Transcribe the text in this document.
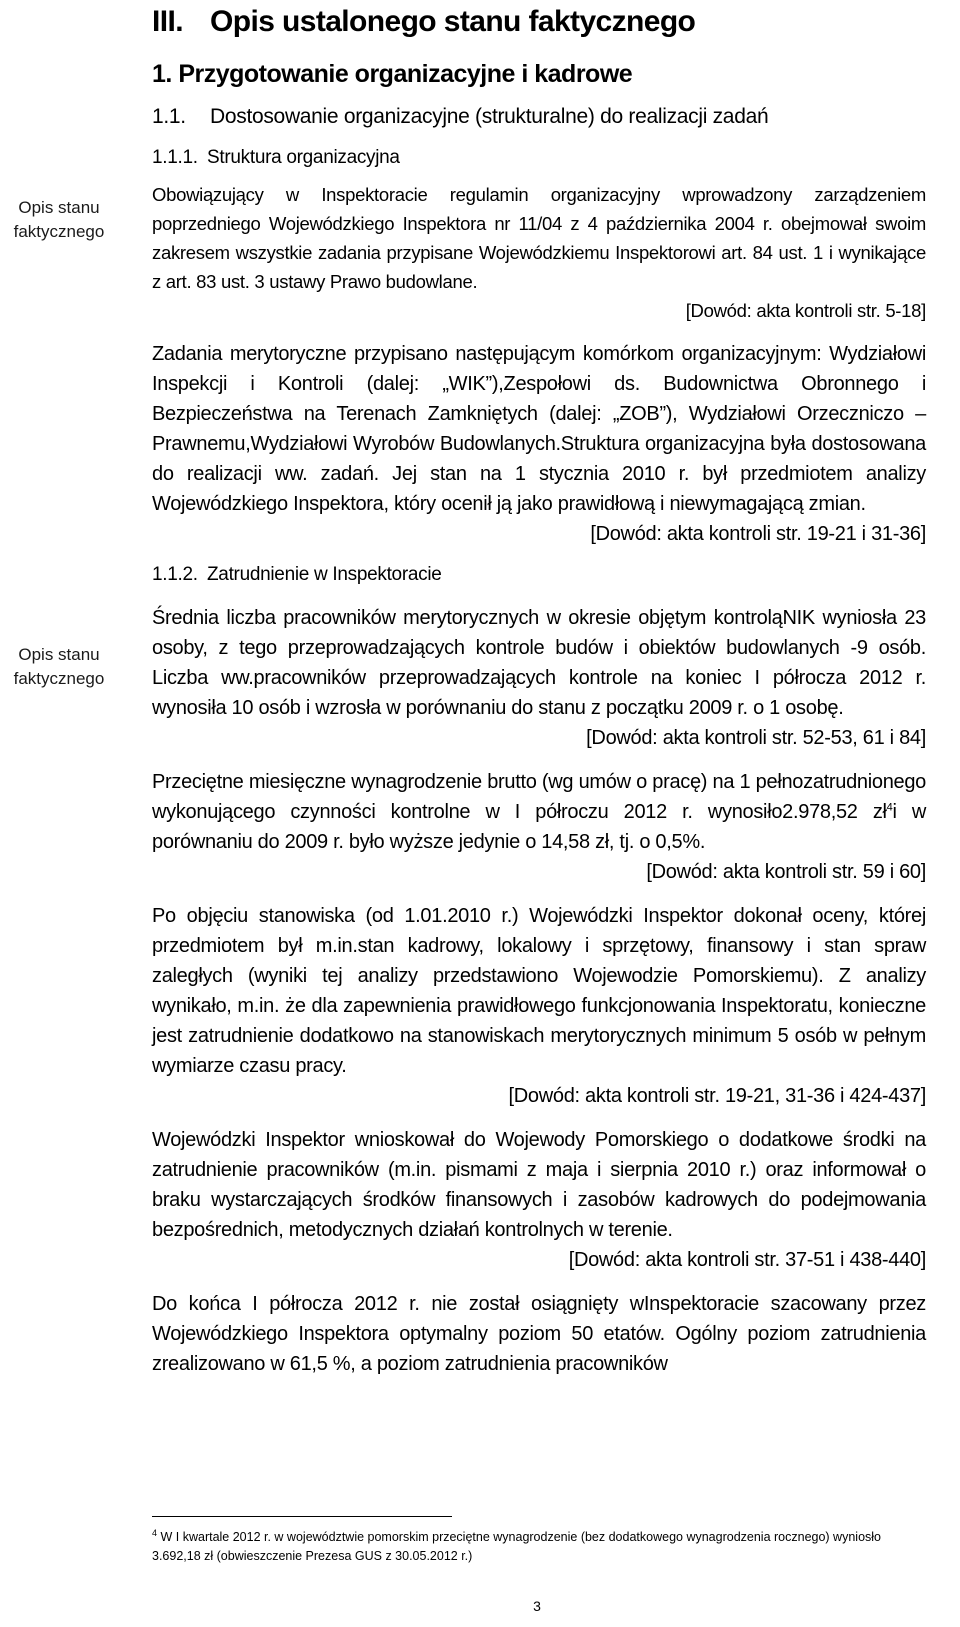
Opis stanu faktycznego
Opis stanu faktycznego
III. Opis ustalonego stanu faktycznego
1. Przygotowanie organizacyjne i kadrowe
1.1. Dostosowanie organizacyjne (strukturalne) do realizacji zadań
1.1.1. Struktura organizacyjna

Obowiązujący w Inspektoracie regulamin organizacyjny wprowadzony zarządzeniem poprzedniego Wojewódzkiego Inspektora nr 11/04 z 4 października 2004 r. obejmował swoim zakresem wszystkie zadania przypisane Wojewódzkiemu Inspektorowi art. 84 ust. 1 i wynikające z art. 83 ust. 3 ustawy Prawo budowlane.

[Dowód: akta kontroli str. 5-18]

Zadania merytoryczne przypisano następującym komórkom organizacyjnym: Wydziałowi Inspekcji i Kontroli (dalej: „WIK”),Zespołowi ds. Budownictwa Obronnego i Bezpieczeństwa na Terenach Zamkniętych (dalej: „ZOB”), Wydziałowi Orzeczniczo – Prawnemu,Wydziałowi Wyrobów Budowlanych.Struktura organizacyjna była dostosowana do realizacji ww. zadań. Jej stan na 1 stycznia 2010 r. był przedmiotem analizy Wojewódzkiego Inspektora, który ocenił ją jako prawidłową i niewymagającą zmian.

[Dowód: akta kontroli str. 19-21 i 31-36]

1.1.2. Zatrudnienie w Inspektoracie

Średnia liczba pracowników merytorycznych w okresie objętym kontroląNIK wyniosła 23 osoby, z tego przeprowadzających kontrole budów i obiektów budowlanych -9 osób. Liczba ww.pracowników przeprowadzających kontrole na koniec I półrocza 2012 r. wynosiła 10 osób i wzrosła w porównaniu do stanu z początku 2009 r. o 1 osobę.

[Dowód: akta kontroli str. 52-53, 61 i 84]

Przeciętne miesięczne wynagrodzenie brutto (wg umów o pracę) na 1 pełnozatrudnionego wykonującego czynności kontrolne w I półroczu 2012 r. wynosiło2.978,52 zł$^4$i w porównaniu do 2009 r. było wyższe jedynie o 14,58 zł, tj. o 0,5%.

[Dowód: akta kontroli str. 59 i 60]

Po objęciu stanowiska (od 1.01.2010 r.) Wojewódzki Inspektor dokonał oceny, której przedmiotem był m.in.stan kadrowy, lokalowy i sprzętowy, finansowy i stan spraw zaległych (wyniki tej analizy przedstawiono Wojewodzie Pomorskiemu). Z analizy wynikało, m.in. że dla zapewnienia prawidłowego funkcjonowania Inspektoratu, konieczne jest zatrudnienie dodatkowo na stanowiskach merytorycznych minimum 5 osób w pełnym wymiarze czasu pracy.

[Dowód: akta kontroli str. 19-21, 31-36 i 424-437]

Wojewódzki Inspektor wnioskował do Wojewody Pomorskiego o dodatkowe środki na zatrudnienie pracowników (m.in. pismami z maja i sierpnia 2010 r.) oraz informował o braku wystarczających środków finansowych i zasobów kadrowych do podejmowania bezpośrednich, metodycznych działań kontrolnych w terenie.

[Dowód: akta kontroli str. 37-51 i 438-440]

Do końca I półrocza 2012 r. nie został osiągnięty wInspektoracie szacowany przez Wojewódzkiego Inspektora optymalny poziom 50 etatów. Ogólny poziom zatrudnienia zrealizowano w 61,5 %, a poziom zatrudnienia pracowników

$^4$ W I kwartale 2012 r. w województwie pomorskim przeciętne wynagrodzenie (bez dodatkowego wynagrodzenia rocznego) wyniosło 3.692,18 zł (obwieszczenie Prezesa GUS z 30.05.2012 r.)
3
